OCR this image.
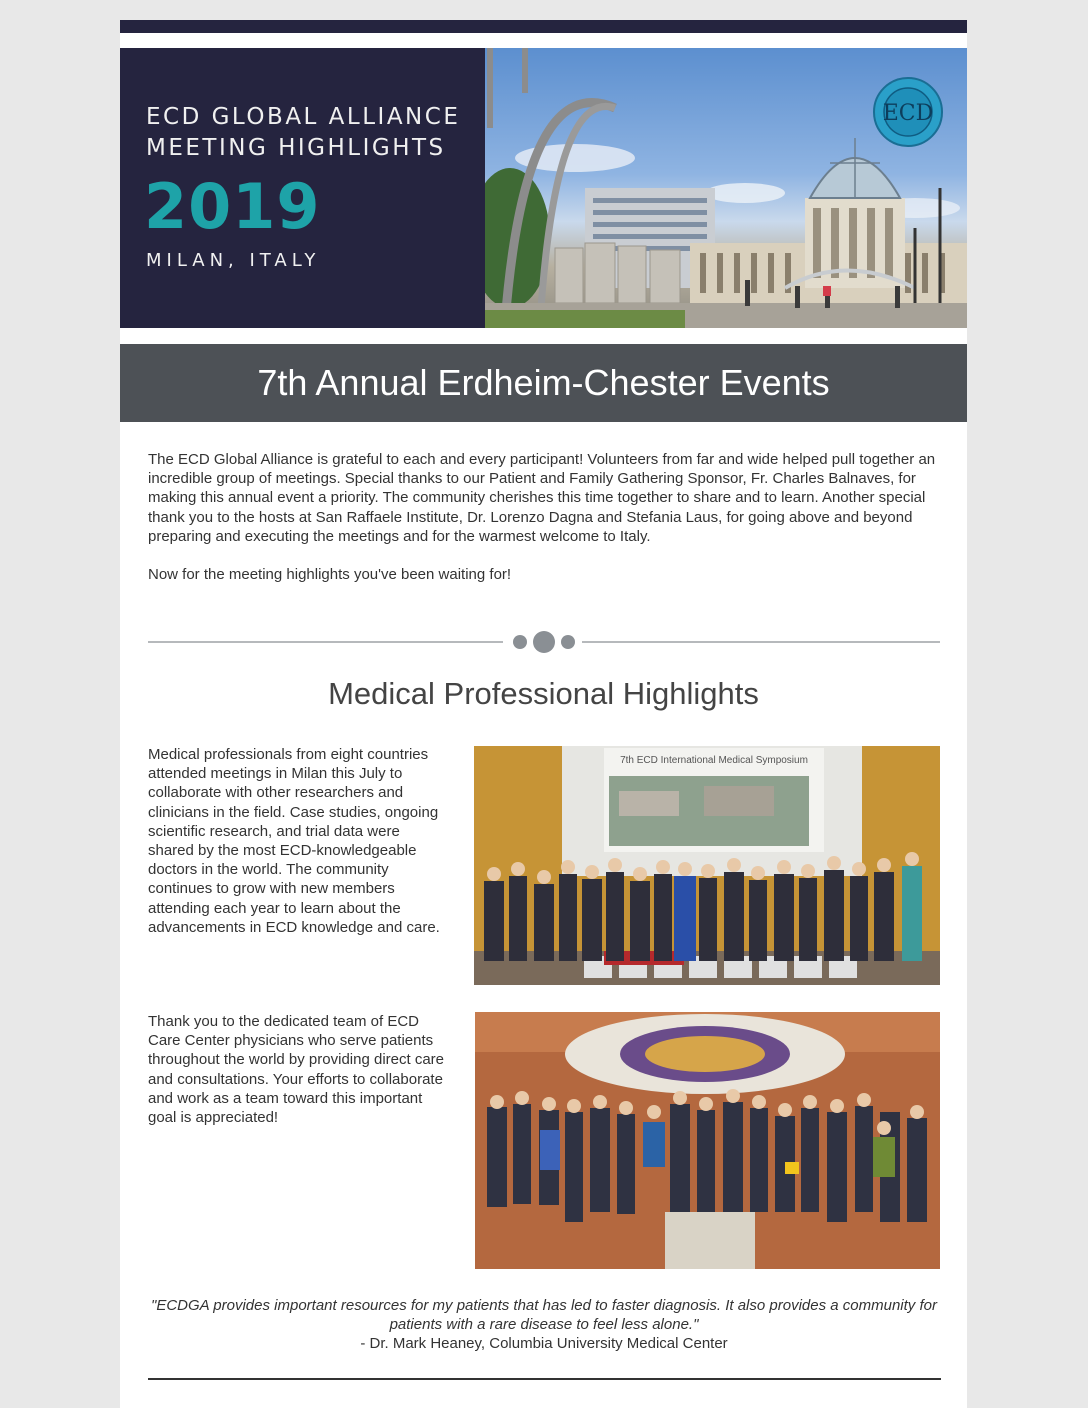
ECD GLOBAL ALLIANCE
MEETING HIGHLIGHTS
2019
MILAN, ITALY
ECD
7th Annual Erdheim-Chester Events

The ECD Global Alliance is grateful to each and every participant! Volunteers from far and wide helped pull together an incredible group of meetings. Special thanks to our Patient and Family Gathering Sponsor, Fr. Charles Balnaves, for making this annual event a priority. The community cherishes this time together to share and to learn. Another special thank you to the hosts at San Raffaele Institute, Dr. Lorenzo Dagna and Stefania Laus, for going above and beyond preparing and executing the meetings and for the warmest welcome to Italy.

Now for the meeting highlights you've been waiting for!

Medical Professional Highlights
Medical professionals from eight countries attended meetings in Milan this July to collaborate with other researchers and clinicians in the field. Case studies, ongoing scientific research, and trial data were shared by the most ECD-knowledgeable doctors in the world. The community continues to grow with new members attending each year to learn about the advancements in ECD knowledge and care.
7th ECD International Medical Symposium
Thank you to the dedicated team of ECD Care Center physicians who serve patients throughout the world by providing direct care and consultations. Your efforts to collaborate and work as a team toward this important goal is appreciated!
"ECDGA provides important resources for my patients that has led to faster diagnosis. It also provides a community for patients with a rare disease to feel less alone."
- Dr. Mark Heaney, Columbia University Medical Center
